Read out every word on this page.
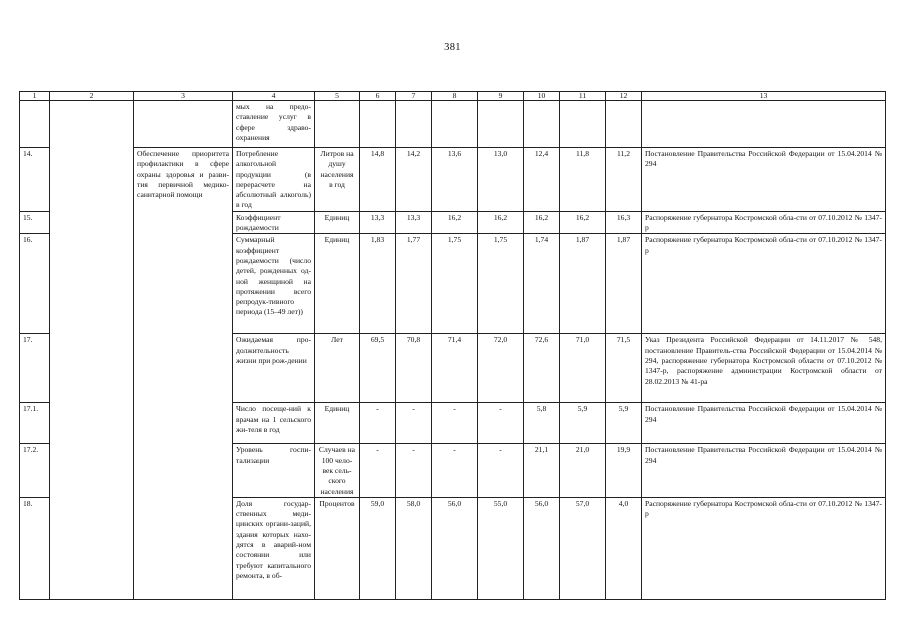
381
1	2	3	4	5	6	7	8	9	10	11	12	13
			мых на предо-ставление услуг в сфере здраво-охранения									
14.		Обеспечение приоритета профилактики в сфере охраны здоровья и разви-тия первичной медико-санитарной помощи	Потребление алкогольной продукции (в перерасчете на абсолютный алкоголь) в год	Литров на душу населения в год	14,8	14,2	13,6	13,0	12,4	11,8	11,2	Постановление Правительства Российской Федерации от 15.04.2014 № 294
15.			Коэффициент рождаемости	Единиц	13,3	13,3	16,2	16,2	16,2	16,2	16,3	Распоряжение губернатора Костромской обла-сти от 07.10.2012 № 1347-р
16.			Суммарный коэффициент рождаемости (число детей, рожденных од-ной женщиной на протяжении всего репродук-тивного периода (15–49 лет))	Единиц	1,83	1,77	1,75	1,75	1,74	1,87	1,87	Распоряжение губернатора Костромской обла-сти от 07.10.2012 № 1347-р
17.			Ожидаемая про-должительность жизни при рож-дении	Лет	69,5	70,8	71,4	72,0	72,6	71,0	71,5	Указ Президента Российской Федерации от 14.11.2017 № 548, постановление Правитель-ства Российской Федерации от 15.04.2014 № 294, распоряжение губернатора Костромской области от 07.10.2012 № 1347-р, распоряжение администрации Костромской области от 28.02.2013 № 41-ра
17.1.			Число посеще-ний к врачам на 1 сельского жи-теля в год	Единиц	-	-	-	-	5,8	5,9	5,9	Постановление Правительства Российской Федерации от 15.04.2014 № 294
17.2.			Уровень госпи-тализации	Случаев на 100 чело-век сель-ского населения	-	-	-	-	21,1	21,0	19,9	Постановление Правительства Российской Федерации от 15.04.2014 № 294
18.			Доля государ-ственных меди-цинских органи-заций, здания которых нахо-дятся в аварий-ном состоянии или требуют капитального ремонта, в об-	Процентов	59,0	58,0	56,0	55,0	56,0	57,0	4,0	Распоряжение губернатора Костромской обла-сти от 07.10.2012 № 1347-р
